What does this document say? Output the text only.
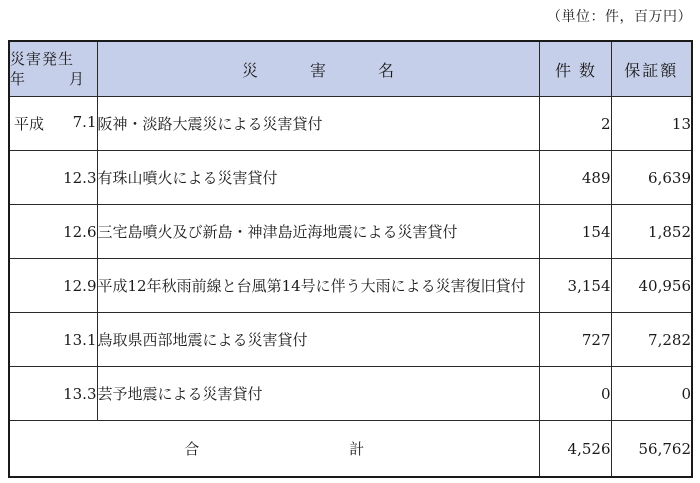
（単位：件，百万円）
災害発生
年 月	災害名	件数	保証額

平成 7.1	阪神・淡路大震災による災害貸付	2	13

12.3	有珠山噴火による災害貸付	489	6,639

12.6	三宅島噴火及び新島・神津島近海地震による災害貸付	154	1,852

12.9	平成12年秋雨前線と台風第14号に伴う大雨による災害復旧貸付	3,154	40,956

13.1	鳥取県西部地震による災害貸付	727	7,282

13.3	芸予地震による災害貸付	0	0
合 計		4,526	56,762
